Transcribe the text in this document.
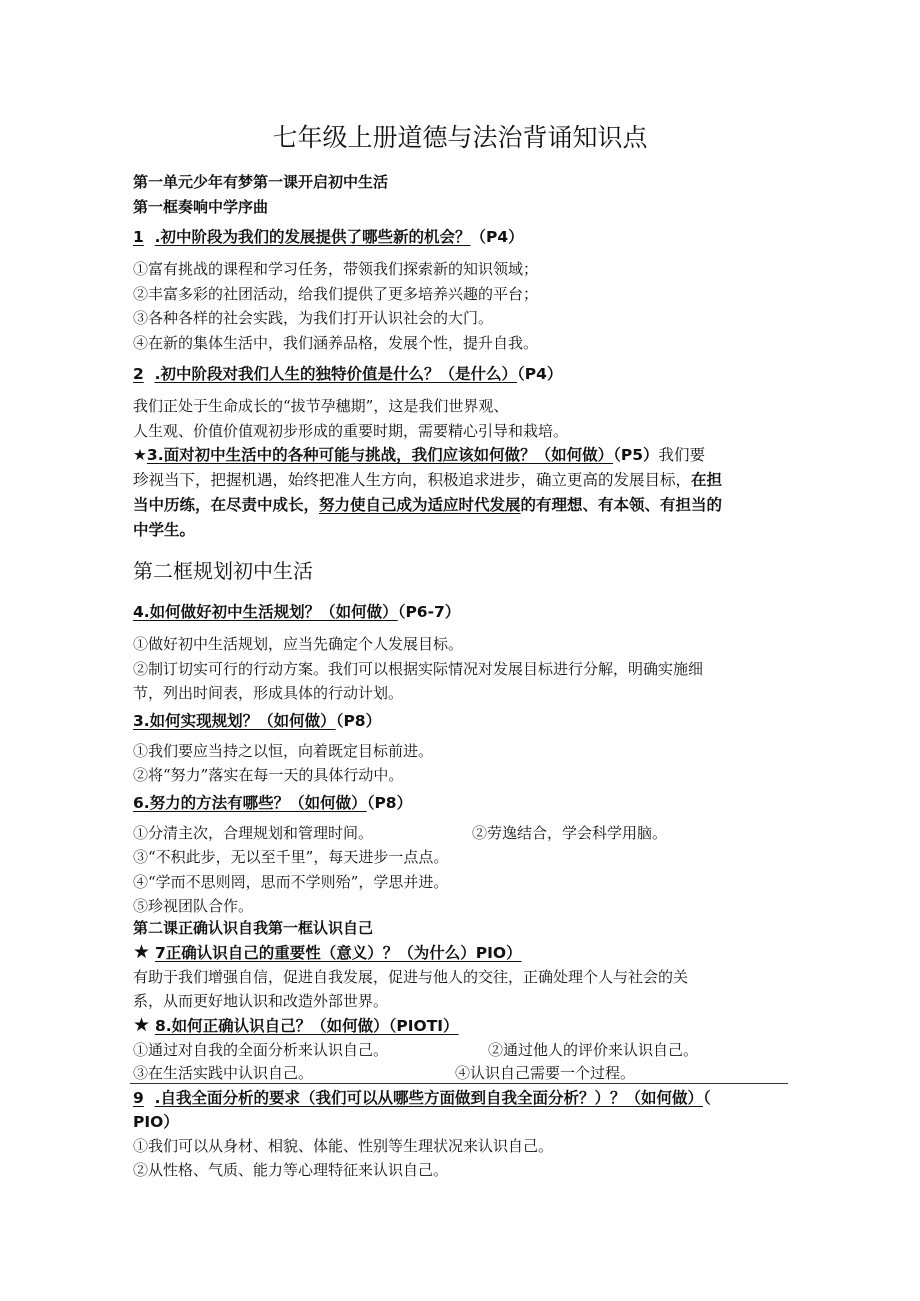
七年级上册道德与法治背诵知识点
第一单元少年有梦第一课开启初中生活
第一框奏响中学序曲
1 .初中阶段为我们的发展提供了哪些新的机会？（P4）
①富有挑战的课程和学习任务，带领我们探索新的知识领域；
②丰富多彩的社团活动，给我们提供了更多培养兴趣的平台；
③各种各样的社会实践，为我们打开认识社会的大门。
④在新的集体生活中，我们涵养品格，发展个性，提升自我。
2 .初中阶段对我们人生的独特价值是什么？（是什么）（P4）
我们正处于生命成长的“拔节孕穗期”，这是我们世界观、
人生观、价值价值观初步形成的重要时期，需要精心引导和栽培。
★3.面对初中生活中的各种可能与挑战，我们应该如何做？（如何做）（P5）我们要
珍视当下，把握机遇，始终把准人生方向，积极追求进步，确立更高的发展目标，在担
当中历练，在尽责中成长，努力使自己成为适应时代发展的有理想、有本领、有担当的
中学生。
第二框规划初中生活
4.如何做好初中生活规划？（如何做）（P6-7）
①做好初中生活规划，应当先确定个人发展目标。
②制订切实可行的行动方案。我们可以根据实际情况对发展目标进行分解，明确实施细
节，列出时间表，形成具体的行动计划。
3.如何实现规划？（如何做）（P8）
①我们要应当持之以恒，向着既定目标前进。
②将“努力”落实在每一天的具体行动中。
6.努力的方法有哪些？（如何做）（P8）
①分清主次，合理规划和管理时间。	②劳逸结合，学会科学用脑。
③“不积此步，无以至千里”，每天进步一点点。
④“学而不思则罔，思而不学则殆”，学思并进。
⑤珍视团队合作。
第二课正确认识自我第一框认识自己
★ 7正确认识自己的重要性（意义）？（为什么）PIO）
有助于我们增强自信，促进自我发展，促进与他人的交往，正确处理个人与社会的关
系，从而更好地认识和改造外部世界。
★ 8.如何正确认识自己？（如何做）（PIOTI）
①通过对自我的全面分析来认识自己。	②通过他人的评价来认识自己。
③在生活实践中认识自己。	④认识自己需要一个过程。
9 .自我全面分析的要求（我们可以从哪些方面做到自我全面分析？）？（如何做）（
PIO）
①我们可以从身材、相貌、体能、性别等生理状况来认识自己。
②从性格、气质、能力等心理特征来认识自己。
